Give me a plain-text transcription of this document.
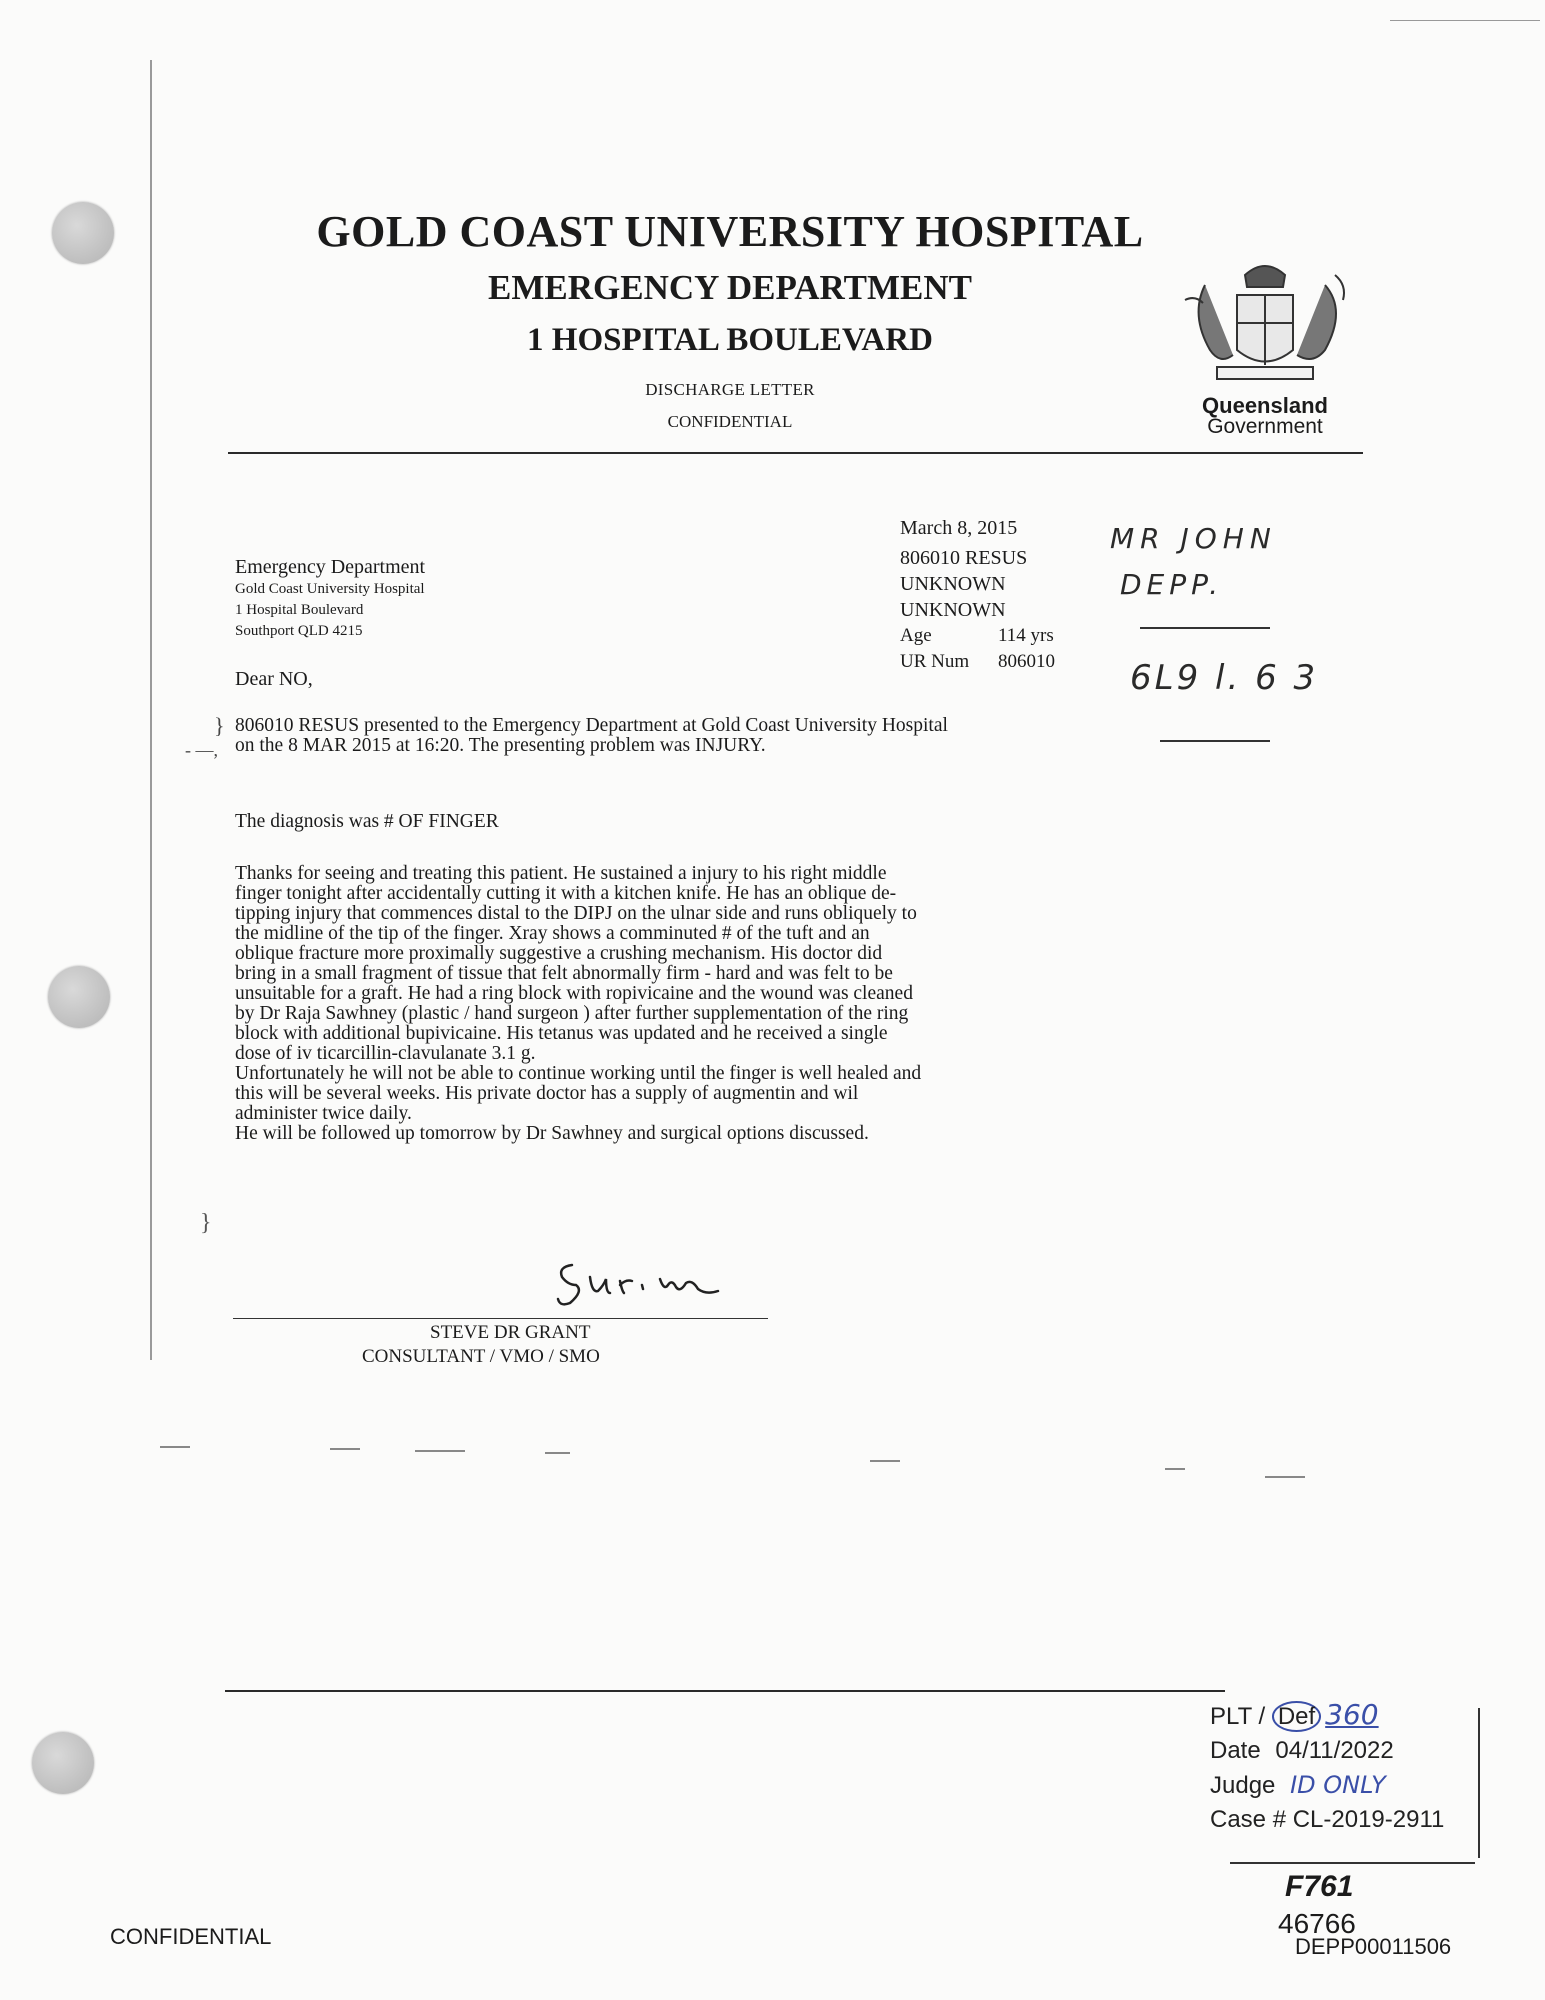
GOLD COAST UNIVERSITY HOSPITAL
EMERGENCY DEPARTMENT
1 HOSPITAL BOULEVARD
DISCHARGE LETTER
CONFIDENTIAL
Queensland
Government
March 8, 2015
806010 RESUS
UNKNOWN
UNKNOWN
Age	114 yrs
UR Num 806010
MR JOHN
DEPP.
6L9 l. 6 3
Emergency Department
Gold Coast University Hospital
1 Hospital Boulevard
Southport QLD 4215
Dear NO,
}
- —,
}
806010 RESUS presented to the Emergency Department at Gold Coast University Hospital
on the 8 MAR 2015 at 16:20. The presenting problem was INJURY.
The diagnosis was # OF FINGER
Thanks for seeing and treating this patient. He sustained a injury to his right middle
finger tonight after accidentally cutting it with a kitchen knife. He has an oblique de-
tipping injury that commences distal to the DIPJ on the ulnar side and runs obliquely to
the midline of the tip of the finger. Xray shows a comminuted # of the tuft and an
oblique fracture more proximally suggestive a crushing mechanism. His doctor did
bring in a small fragment of tissue that felt abnormally firm - hard and was felt to be
unsuitable for a graft. He had a ring block with ropivicaine and the wound was cleaned
by Dr Raja Sawhney (plastic / hand surgeon ) after further supplementation of the ring
block with additional bupivicaine. His tetanus was updated and he received a single
dose of iv ticarcillin-clavulanate 3.1 g.
Unfortunately he will not be able to continue working until the finger is well healed and
this will be several weeks. His private doctor has a supply of augmentin and wil
administer twice daily.
He will be followed up tomorrow by Dr Sawhney and surgical options discussed.
STEVE DR GRANT
CONSULTANT / VMO / SMO
PLT / Def 360
Date 04/11/2022
Judge ID ONLY
Case # CL-2019-2911
CONFIDENTIAL
F761
46766
DEPP00011506
